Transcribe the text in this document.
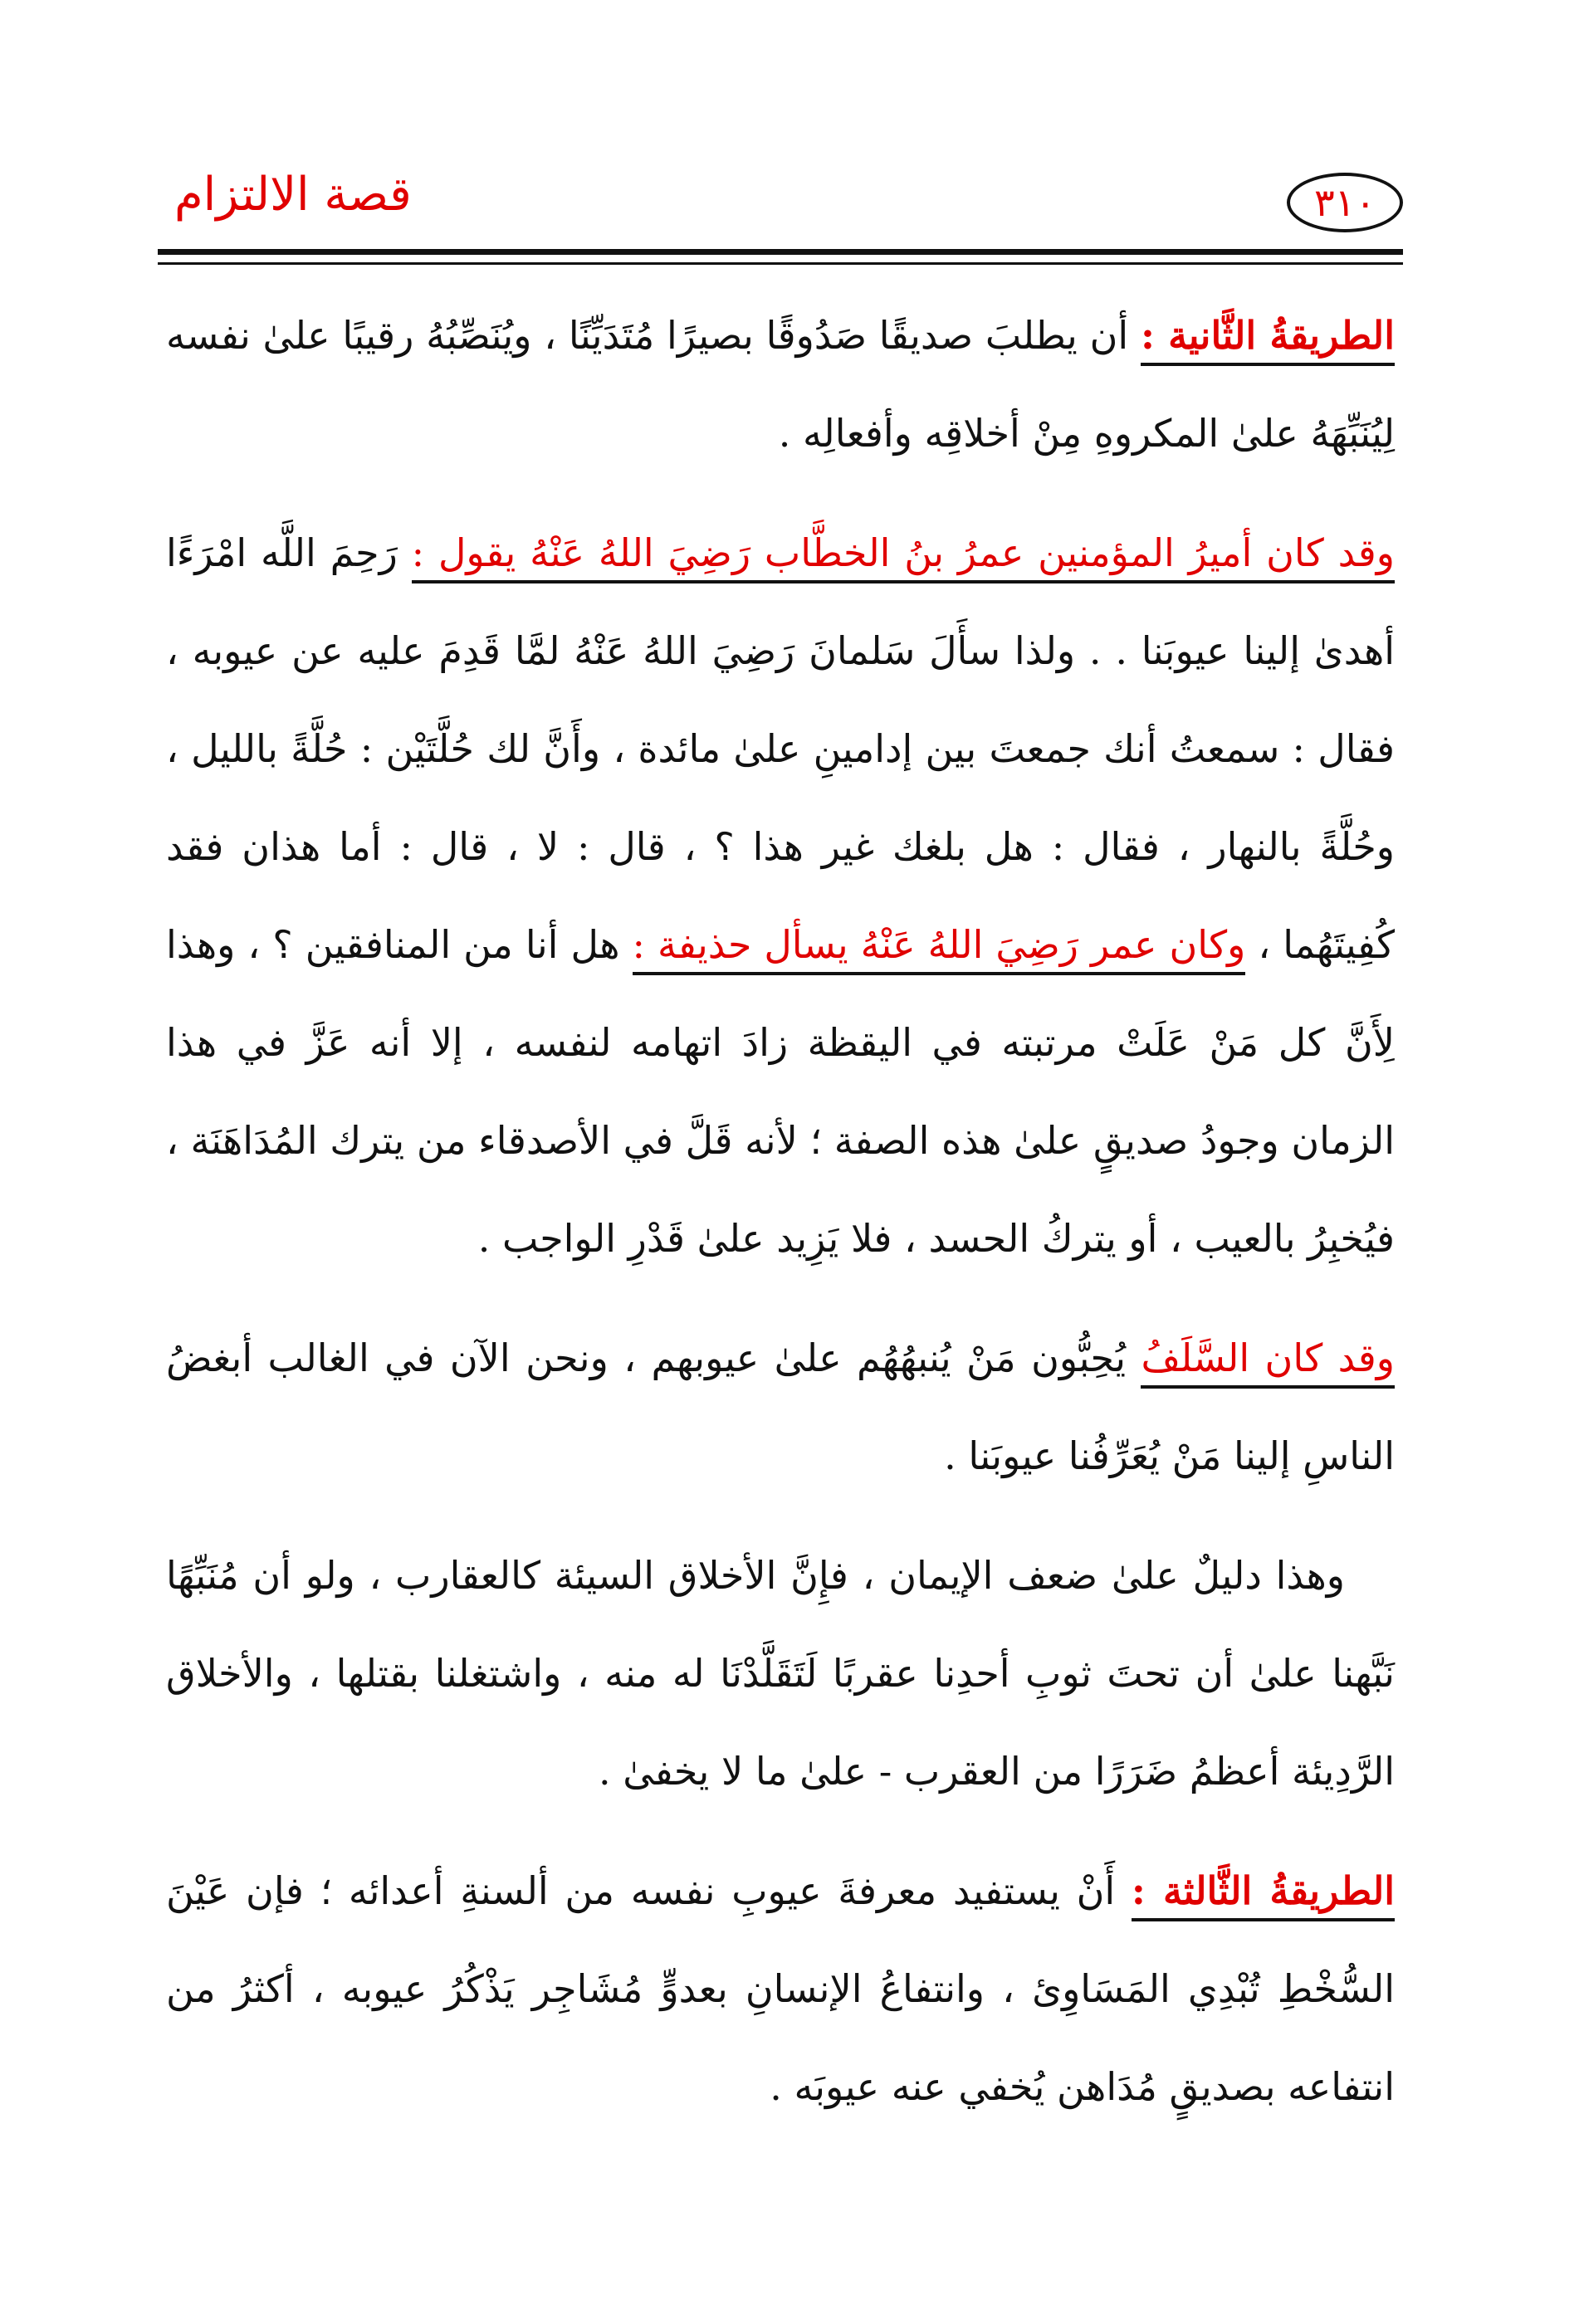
٣١٠
قصة الالتزام

الطريقةُ الثَّانية : أن يطلبَ صديقًا صَدُوقًا بصيرًا مُتَدَيِّنًا ، ويُنَصِّبُهُ رقيبًا علىٰ نفسه لِيُنَبِّهَهُ علىٰ المكروهِ مِنْ أخلاقِه وأفعالِه .

وقد كان أميرُ المؤمنين عمرُ بنُ الخطَّاب رَضِيَ اللهُ عَنْهُ يقول : رَحِمَ اللَّه امْرَءًا أهدىٰ إلينا عيوبَنا . . ولذا سأَلَ سَلمانَ رَضِيَ اللهُ عَنْهُ لمَّا قَدِمَ عليه عن عيوبه ، فقال : سمعتُ أنك جمعتَ بين إدامينِ علىٰ مائدة ، وأَنَّ لك حُلَّتَيْن : حُلَّةً بالليل ، وحُلَّةً بالنهار ، فقال : هل بلغك غير هذا ؟ ، قال : لا ، قال : أما هذان فقد كُفِيتَهُما ، وكان عمر رَضِيَ اللهُ عَنْهُ يسأل حذيفة : هل أنا من المنافقين ؟ ، وهذا لِأَنَّ كل مَنْ عَلَتْ مرتبته في اليقظة زادَ اتهامه لنفسه ، إلا أنه عَزَّ في هذا الزمان وجودُ صديقٍ علىٰ هذه الصفة ؛ لأنه قَلَّ في الأصدقاء من يترك المُدَاهَنَة ، فيُخبِرُ بالعيب ، أو يتركُ الحسد ، فلا يَزِيد علىٰ قَدْرِ الواجب .

وقد كان السَّلَفُ يُحِبُّون مَنْ يُنبهُهُم علىٰ عيوبهم ، ونحن الآن في الغالب أبغضُ الناسِ إلينا مَنْ يُعَرِّفُنا عيوبَنا .

وهذا دليلٌ علىٰ ضعف الإيمان ، فإِنَّ الأخلاق السيئة كالعقارب ، ولو أن مُنَبِّهًا نَبَّهنا علىٰ أن تحتَ ثوبِ أحدِنا عقربًا لَتَقَلَّدْنَا له منه ، واشتغلنا بقتلها ، والأخلاق الرَّدِيئة أعظمُ ضَرَرًا من العقرب - علىٰ ما لا يخفىٰ .

الطريقةُ الثَّالثة : أَنْ يستفيد معرفةَ عيوبِ نفسه من ألسنةِ أعدائه ؛ فإن عَيْنَ السُّخْطِ تُبْدِي المَسَاوِئ ، وانتفاعُ الإنسانِ بعدوٍّ مُشَاجِر يَذْكُرُ عيوبه ، أكثرُ من انتفاعه بصديقٍ مُدَاهن يُخفي عنه عيوبَه .
